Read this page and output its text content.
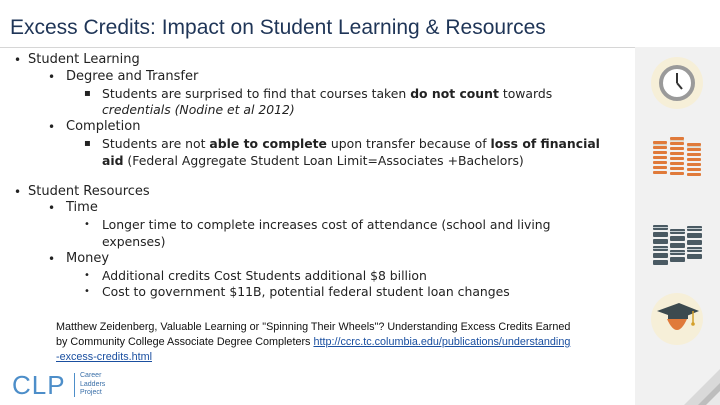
Excess Credits: Impact on Student Learning & Resources
• Student Learning
• Degree and Transfer
▪ Students are surprised to find that courses taken do not count towards
credentials (Nodine et al 2012)
• Completion
▪ Students are not able to complete upon transfer because of loss of financial
aid (Federal Aggregate Student Loan Limit=Associates +Bachelors)
• Student Resources
• Time
• Longer time to complete increases cost of attendance (school and living
expenses)
• Money
• Additional credits Cost Students additional $8 billion
• Cost to government $11B, potential federal student loan changes
Matthew Zeidenberg, Valuable Learning or "Spinning Their Wheels"? Understanding Excess Credits Earned
by Community College Associate Degree Completers http://ccrc.tc.columbia.edu/publications/understanding
-excess-credits.html
CLP Career
Ladders
Project
